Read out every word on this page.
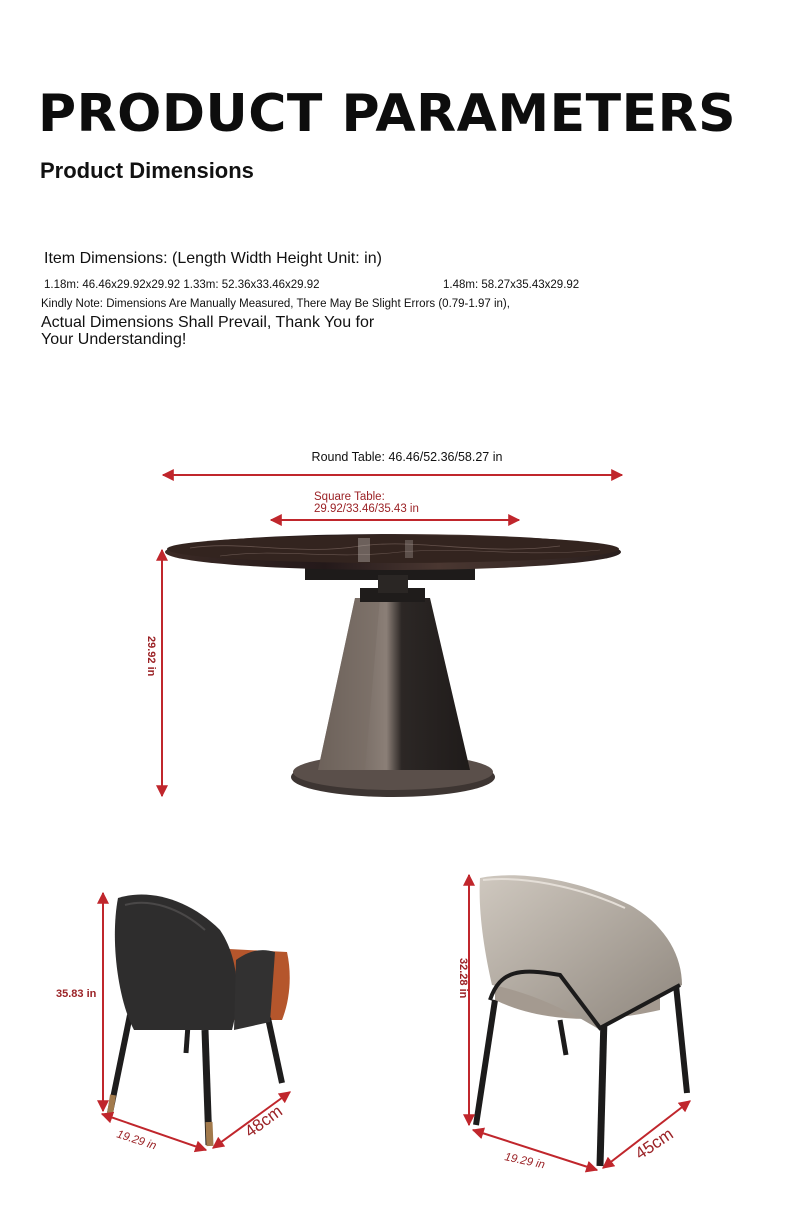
PRODUCT PARAMETERS
Product Dimensions
Item Dimensions: (Length Width Height Unit: in)
1.18m: 46.46x29.92x29.92 1.33m: 52.36x33.46x29.92	1.48m: 58.27x35.43x29.92
Kindly Note: Dimensions Are Manually Measured, There May Be Slight Errors (0.79-1.97 in),
Actual Dimensions Shall Prevail, Thank You for Your Understanding!
Round Table: 46.46/52.36/58.27 in
Square Table:
29.92/33.46/35.43 in
29.92 in
35.83 in
19.29 in	48cm
32.28 in
19.29 in	45cm
